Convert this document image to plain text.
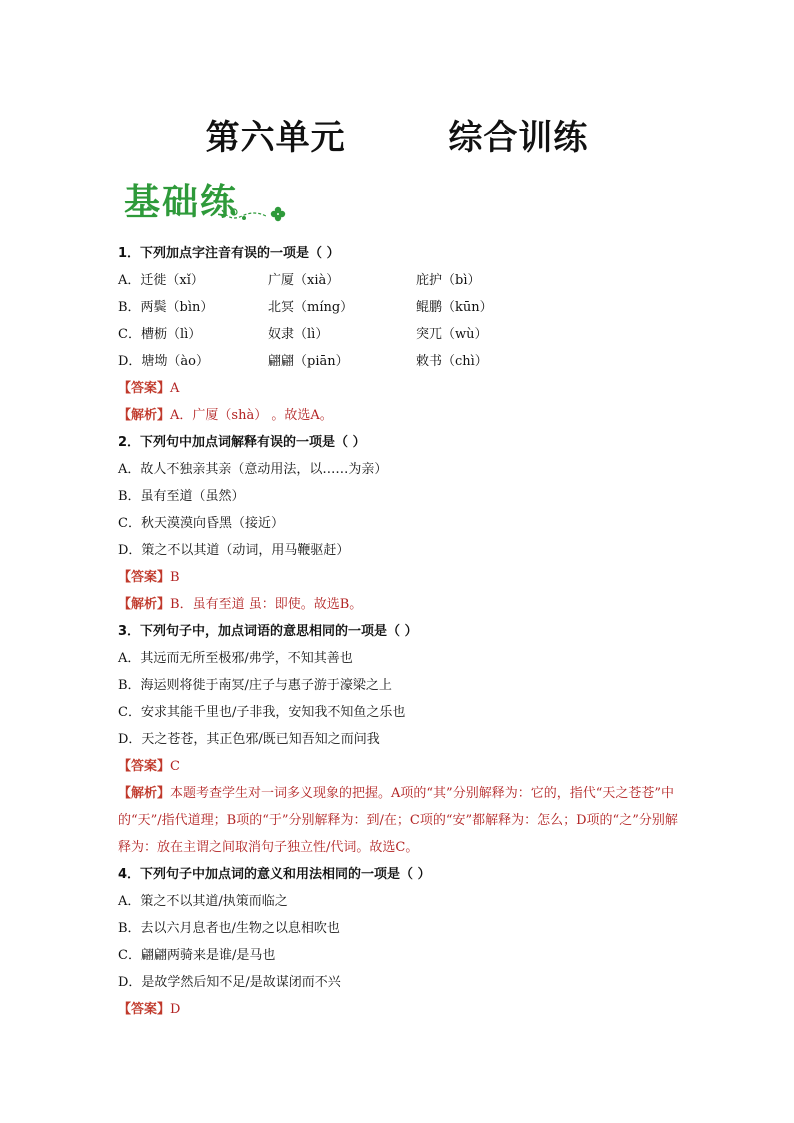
第六单元        综合训练
基础练
1．下列加点字注音有误的一项是（ ）
A．迁徙（xǐ）	广厦（xià）	庇护（bì）
B．两鬓（bìn）	北冥（míng）	鲲鹏（kūn）
C．槽枥（lì）	奴隶（lì）	突兀（wù）
D．塘坳（ào）	翩翩（piān）	敕书（chì）
【答案】A
【解析】A．广厦（shà） 。故选A。
2．下列句中加点词解释有误的一项是（ ）
A．故人不独亲其亲（意动用法，以……为亲）
B．虽有至道（虽然）
C．秋天漠漠向昏黑（接近）
D．策之不以其道（动词，用马鞭驱赶）
【答案】B
【解析】B．虽有至道 虽：即使。故选B。
3．下列句子中，加点词语的意思相同的一项是（ ）
A．其远而无所至极邪/弗学，不知其善也
B．海运则将徙于南冥/庄子与惠子游于濠梁之上
C．安求其能千里也/子非我，安知我不知鱼之乐也
D．天之苍苍，其正色邪/既已知吾知之而问我
【答案】C
【解析】本题考查学生对一词多义现象的把握。A项的“其”分别解释为：它的，指代“天之苍苍”中的“天”/指代道理；B项的“于”分别解释为：到/在；C项的“安”都解释为：怎么；D项的“之”分别解释为：放在主谓之间取消句子独立性/代词。故选C。
4．下列句子中加点词的意义和用法相同的一项是（ ）
A．策之不以其道/执策而临之
B．去以六月息者也/生物之以息相吹也
C．翩翩两骑来是谁/是马也
D．是故学然后知不足/是故谋闭而不兴
【答案】D
